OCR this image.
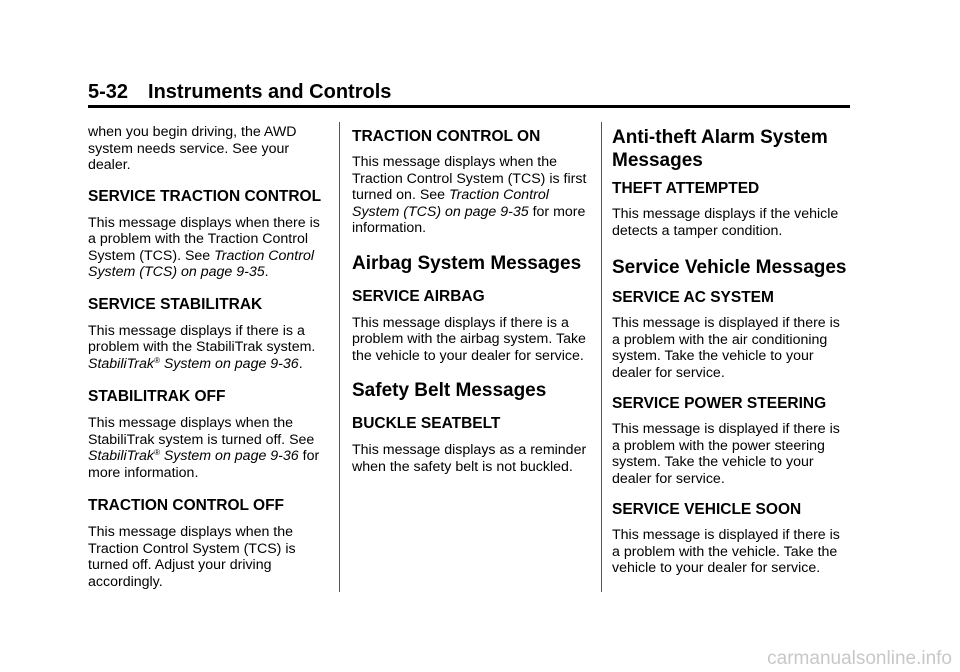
5-32 Instruments and Controls

when you begin driving, the AWD system needs service. See your dealer.

SERVICE TRACTION CONTROL

This message displays when there is a problem with the Traction Control System (TCS). See Traction Control System (TCS) on page 9-35.

SERVICE STABILITRAK

This message displays if there is a problem with the StabiliTrak system. StabiliTrak® System on page 9-36.

STABILITRAK OFF

This message displays when the StabiliTrak system is turned off. See StabiliTrak® System on page 9-36 for more information.

TRACTION CONTROL OFF

This message displays when the Traction Control System (TCS) is turned off. Adjust your driving accordingly.

TRACTION CONTROL ON

This message displays when the Traction Control System (TCS) is first turned on. See Traction Control System (TCS) on page 9-35 for more information.

Airbag System Messages
SERVICE AIRBAG

This message displays if there is a problem with the airbag system. Take the vehicle to your dealer for service.

Safety Belt Messages
BUCKLE SEATBELT

This message displays as a reminder when the safety belt is not buckled.

Anti-theft Alarm System Messages
THEFT ATTEMPTED

This message displays if the vehicle detects a tamper condition.

Service Vehicle Messages
SERVICE AC SYSTEM

This message is displayed if there is a problem with the air conditioning system. Take the vehicle to your dealer for service.

SERVICE POWER STEERING

This message is displayed if there is a problem with the power steering system. Take the vehicle to your dealer for service.

SERVICE VEHICLE SOON

This message is displayed if there is a problem with the vehicle. Take the vehicle to your dealer for service.

carmanualsonline.info
